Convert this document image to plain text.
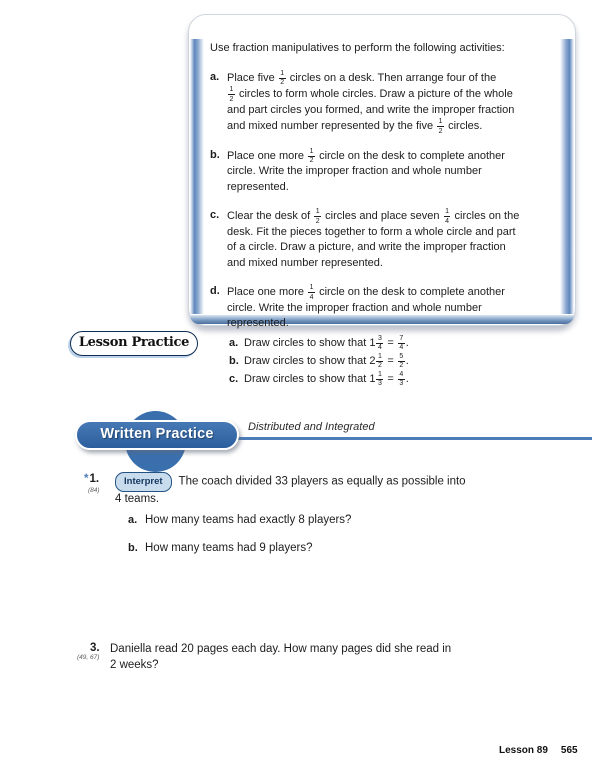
Use fraction manipulatives to perform the following activities:

a. Place five $\frac{1}{2}$ circles on a desk. Then arrange four of the

$\frac{1}{2}$ circles to form whole circles. Draw a picture of the whole
and part circles you formed, and write the improper fraction
and mixed number represented by the five $\frac{1}{2}$ circles.
b. Place one more $\frac{1}{2}$ circle on the desk to complete another
circle. Write the improper fraction and whole number
represented.
c. Clear the desk of $\frac{1}{2}$ circles and place seven $\frac{1}{4}$ circles on the
desk. Fit the pieces together to form a whole circle and part
of a circle. Draw a picture, and write the improper fraction
and mixed number represented.
d. Place one more $\frac{1}{4}$ circle on the desk to complete another
circle. Write the improper fraction and whole number
represented.
Lesson Practice	a. Draw circles to show that $1 \frac{3}{4} = \frac{7}{4}$ .
b. Draw circles to show that $2 \frac{1}{2} = \frac{5}{2}$ .
c. Draw circles to show that $1 \frac{1}{3} = \frac{4}{3}$ .
Written Practice	Distributed and Integrated
*1.
(84)
Interpret The coach divided 33 players as equally as possible into
4 teams.
a. How many teams had exactly 8 players?
b. How many teams had 9 players?
3.
(49, 67)
Daniella read 20 pages each day. How many pages did she read in
2 weeks?
Lesson 89 565
